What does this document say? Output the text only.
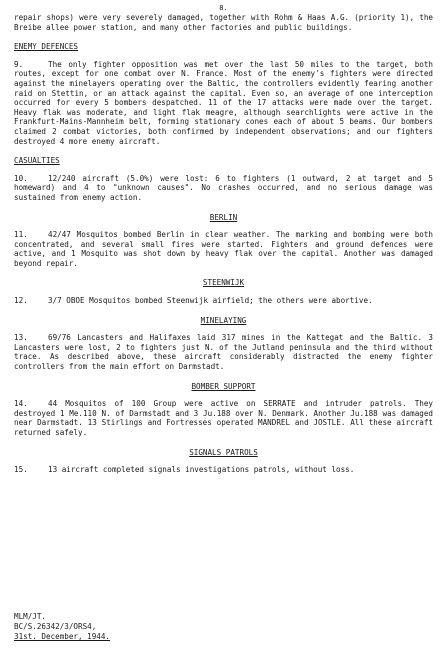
8.

repair shops) were very severely damaged, together with Rohm & Haas A.G. (priority 1), the Breibe allee power station, and many other factories and public buildings.

ENEMY DEFENCES

9.	The only fighter opposition was met over the last 50 miles to the target, both routes, except for one combat over N. France. Most of the enemy's fighters were directed against the minelayers operating over the Baltic, the controllers evidently fearing another raid on Stettin, or an attack against the capital. Even so, an average of one interception occurred for every 5 bombers despatched. 11 of the 17 attacks were made over the target. Heavy flak was moderate, and light flak meagre, although searchlights were active in the Frankfurt-Mains-Mannheim belt, forming stationary cones each of about 5 beams. Our bombers claimed 2 combat victories, both confirmed by independent observations; and our fighters destroyed 4 more enemy aircraft.

CASUALTIES

10.	12/240 aircraft (5.0%) were lost: 6 to fighters (1 outward, 2 at target and 5 homeward) and 4 to "unknown causes". No crashes occurred, and no serious damage was sustained from enemy action.

BERLIN

11.	42/47 Mosquitos bombed Berlin in clear weather. The marking and bombing were both concentrated, and several small fires were started. Fighters and ground defences were active, and 1 Mosquito was shot down by heavy flak over the capital. Another was damaged beyond repair.

STEENWIJK

12.	3/7 OBOE Mosquitos bombed Steenwijk airfield; the others were abortive.

MINELAYING

13.	69/76 Lancasters and Halifaxes laid 317 mines in the Kattegat and the Baltic. 3 Lancasters were lost, 2 to fighters just N. of the Jutland peninsula and the third without trace. As described above, these aircraft considerably distracted the enemy fighter controllers from the main effort on Darmstadt.

BOMBER SUPPORT

14.	44 Mosquitos of 100 Group were active on SERRATE and intruder patrols. They destroyed 1 Me.110 N. of Darmstadt and 3 Ju.188 over N. Denmark. Another Ju.188 was damaged near Darmstadt. 13 Stirlings and Fortresses operated MANDREL and JOSTLE. All these aircraft returned safely.

SIGNALS PATROLS

15.	13 aircraft completed signals investigations patrols, without loss.

MLM/JT.
BC/S.26342/3/ORS4,
31st. December, 1944.
